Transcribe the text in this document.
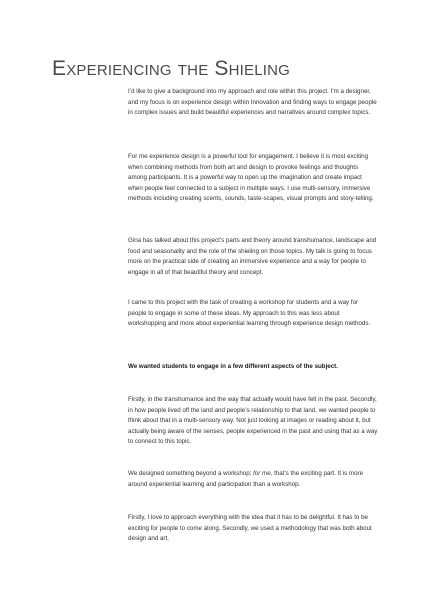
Experiencing the Shieling

I’d like to give a background into my approach and role within this project. I’m a designer, and my focus is on experience design within Innovation and finding ways to engage people in complex issues and build beautiful experiences and narratives around complex topics.

For me experience design is a powerful tool for engagement. I believe it is most exciting when combining methods from both art and design to provoke feelings and thoughts among participants. It is a powerful way to open up the imagination and create impact when people feel connected to a subject in multiple ways. I use multi-sensory, immersive methods including creating scents, sounds, taste-scapes, visual prompts and story-telling.

Gina has talked about this project’s parts and theory around transhumance, landscape and food and seasonality and the role of the shieling on those topics. My talk is going to focus more on the practical side of creating an immersive experience and a way for people to engage in all of that beautiful theory and concept.

I came to this project with the task of creating a workshop for students and a way for people to engage in some of these ideas. My approach to this was less about workshopping and more about experiential learning through experience design methods.

We wanted students to engage in a few different aspects of the subject.

Firstly, in the transhumance and the way that actually would have felt in the past. Secondly, in how people lived off the land and people’s relationship to that land, we wanted people to think about that in a multi-sensory way. Not just looking at images or reading about it, but actually being aware of the senses, people experienced in the past and using that as a way to connect to this topic.

We designed something beyond a workshop; for me, that’s the exciting part. It is more around experiential learning and participation than a workshop.

Firstly, I love to approach everything with the idea that it has to be delightful. It has to be exciting for people to come along. Secondly, we used a methodology that was both about design and art.
